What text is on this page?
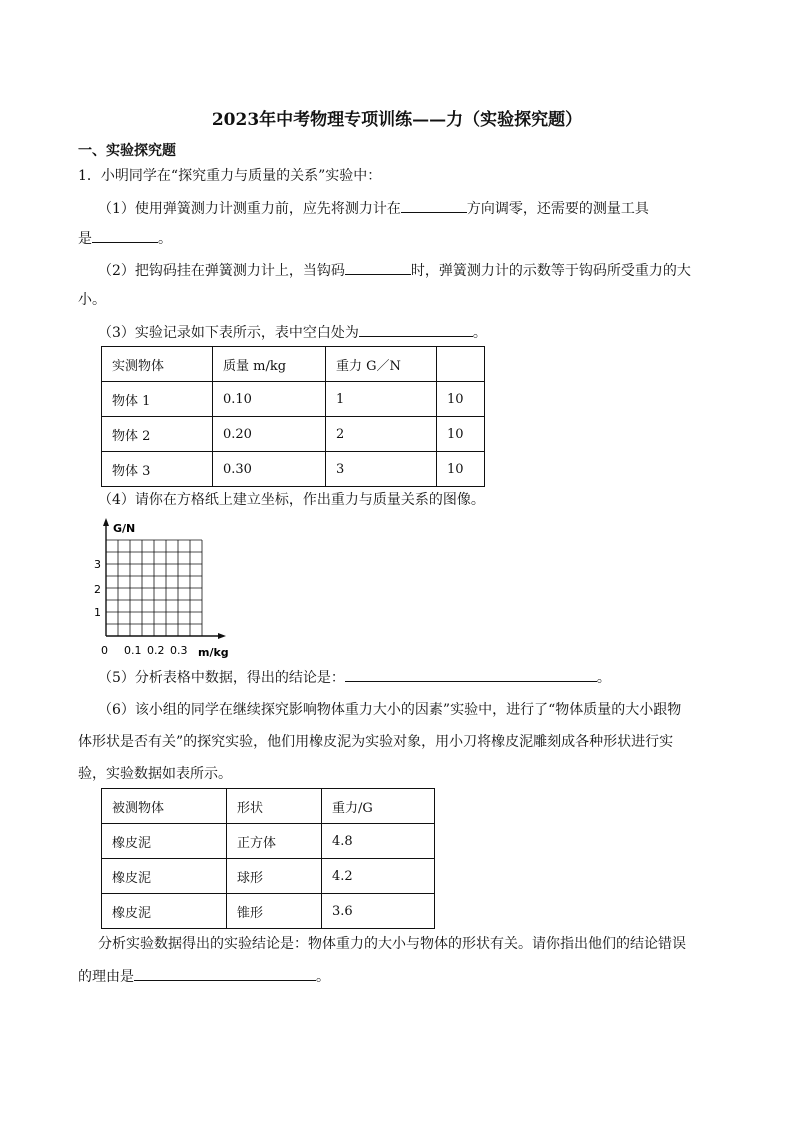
2023年中考物理专项训练——力（实验探究题）
一、实验探究题
1．小明同学在“探究重力与质量的关系”实验中：
（1）使用弹簧测力计测重力前，应先将测力计在	方向调零，还需要的测量工具
是	。
（2）把钩码挂在弹簧测力计上，当钩码	时，弹簧测力计的示数等于钩码所受重力的大
小。
（3）实验记录如下表所示，表中空白处为	。
实测物体	质量 m/kg	重力 G／N	
物体 1	0.10	1	10
物体 2	0.20	2	10
物体 3	0.30	3	10
（4）请你在方格纸上建立坐标，作出重力与质量关系的图像。
G/N
m/kg
3
2
1
0 0.1 0.2 0.3
（5）分析表格中数据，得出的结论是：	。
（6）该小组的同学在继续探究影响物体重力大小的因素”实验中，进行了“物体质量的大小跟物
体形状是否有关”的探究实验，他们用橡皮泥为实验对象，用小刀将橡皮泥雕刻成各种形状进行实
验，实验数据如表所示。
被测物体	形状	重力/G
橡皮泥	正方体	4.8
橡皮泥	球形	4.2
橡皮泥	锥形	3.6
分析实验数据得出的实验结论是：物体重力的大小与物体的形状有关。请你指出他们的结论错误
的理由是	。
